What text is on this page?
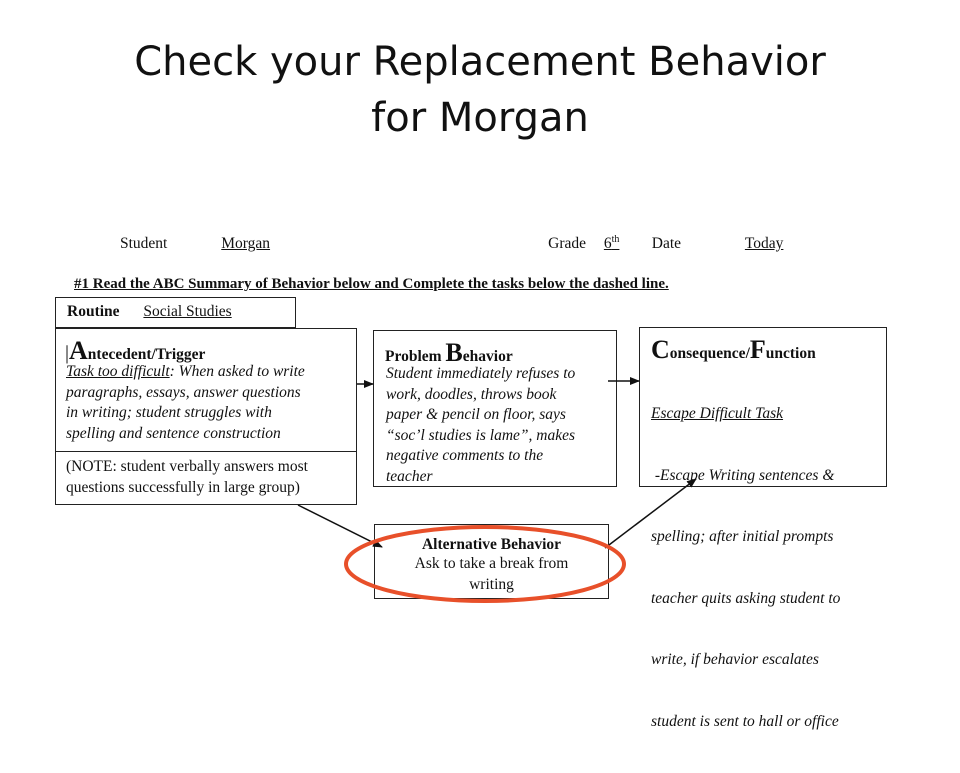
Check your Replacement Behavior
for Morgan
Student	Morgan	Grade 6th Date	Today
#1 Read the ABC Summary of Behavior below and Complete the tasks below the dashed line.
Routine Social Studies
|Antecedent/Trigger
Task too difficult: When asked to write
paragraphs, essays, answer questions
in writing; student struggles with
spelling and sentence construction
(NOTE: student verbally answers most
questions successfully in large group)
Problem Behavior
Student immediately refuses to
work, doodles, throws book
paper & pencil on floor, says
“soc’l studies is lame”, makes
negative comments to the
teacher
Consequence/Function

Escape Difficult Task

-Escape Writing sentences &

spelling; after initial prompts

teacher quits asking student to

write, if behavior escalates

student is sent to hall or office

Alternative Behavior
Ask to take a break from
writing
